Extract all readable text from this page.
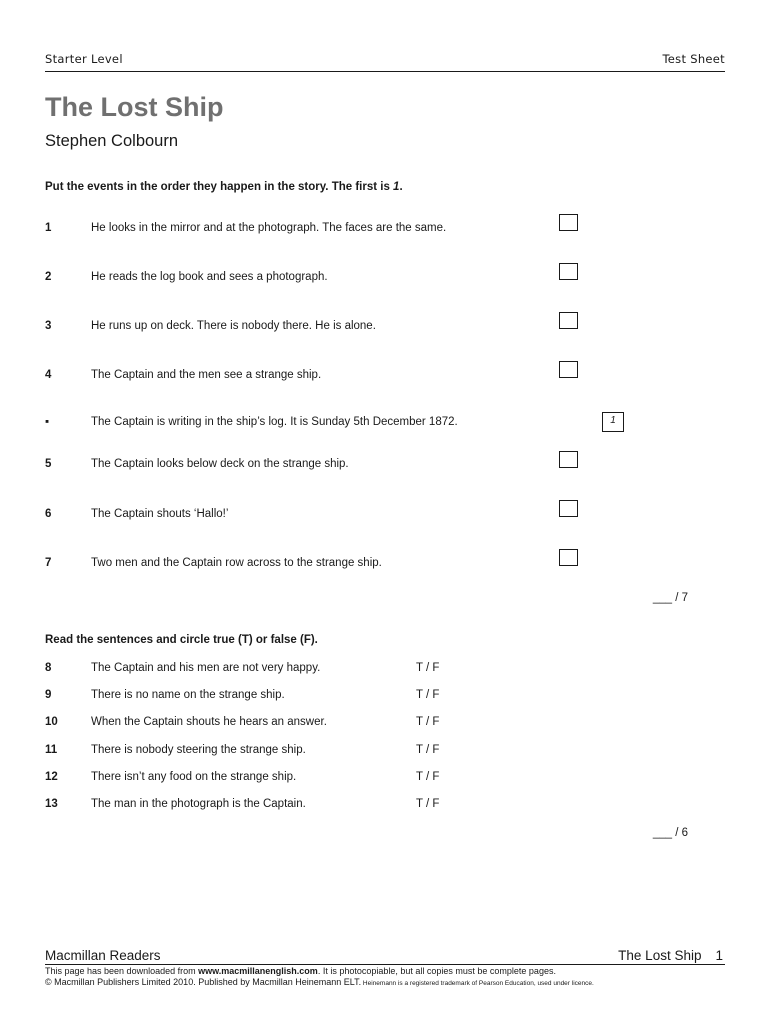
Starter Level	Test Sheet
The Lost Ship
Stephen Colbourn
Put the events in the order they happen in the story. The first is 1.
1	He looks in the mirror and at the photograph. The faces are the same.
2	He reads the log book and sees a photograph.
3	He runs up on deck. There is nobody there. He is alone.
4	The Captain and the men see a strange ship.
▪	The Captain is writing in the ship’s log. It is Sunday 5th December 1872.	1
5	The Captain looks below deck on the strange ship.
6	The Captain shouts ‘Hallo!’
7	Two men and the Captain row across to the strange ship.
___ / 7
Read the sentences and circle true (T) or false (F).
8	The Captain and his men are not very happy.	T / F
9	There is no name on the strange ship.	T / F
10	When the Captain shouts he hears an answer.	T / F
11	There is nobody steering the strange ship.	T / F
12	There isn’t any food on the strange ship.	T / F
13	The man in the photograph is the Captain.	T / F
___ / 6
Macmillan Readers	The Lost Ship 1
This page has been downloaded from www.macmillanenglish.com. It is photocopiable, but all copies must be complete pages.
© Macmillan Publishers Limited 2010. Published by Macmillan Heinemann ELT. Heinemann is a registered trademark of Pearson Education, used under licence.
